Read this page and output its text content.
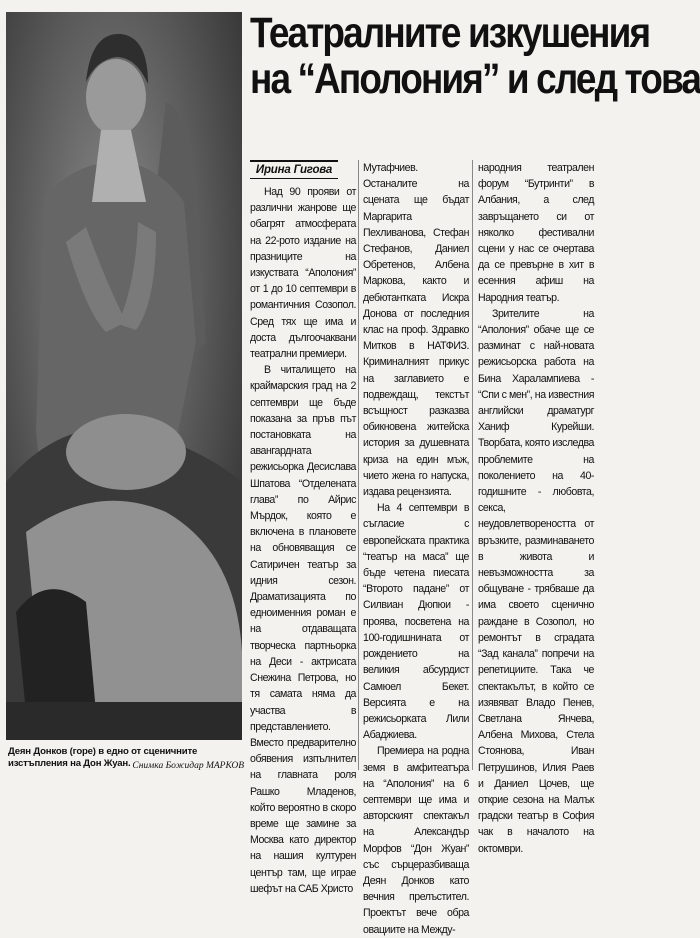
Деян Донков (горе) в едно от сценичните изстъпления на Дон Жуан. Снимка Божидар МАРКОВ
Театралните изкушения
на “Аполония” и след това
Ирина Гигова

Над 90 прояви от различни жанрове ще обагрят атмосферата на 22-рото издание на празниците на изкуствата “Аполония” от 1 до 10 септември в романтичния Созопол. Сред тях ще има и доста дългоочаквани театрални премиери.

В читалището на краймарския град на 2 септември ще бъде показана за пръв път постановката на авангардната режисьорка Десислава Шпатова “Отделената глава” по Айрис Мърдок, която е включена в плановете на обновяващия се Сатиричен театър за идния сезон. Драматизацията по едноименния роман е на отдаващата творческа партньорка на Деси - актрисата Снежина Петрова, но тя самата няма да участва в представлението. Вместо предварително обявения изпълнител на главната роля Рашко Младенов, който вероятно в скоро време ще замине за Москва като директор на нашия културен център там, ще играе шефът на САБ Христо

Мутафчиев. Останалите на сцената ще бъдат Маргарита Пехливанова, Стефан Стефанов, Даниел Обретенов, Албена Маркова, както и дебютантката Искра Донова от последния клас на проф. Здравко Митков в НАТФИЗ. Криминалният прикус на заглавието е подвеждащ, текстът всъщност разказва обикновена житейска история за душевната криза на един мъж, чието жена го напуска, издава рецензията.

На 4 септември в съгласие с европейската практика “театър на маса” ще бъде четена пиесата “Второто падане” от Силвиан Дюпюи - проява, посветена на 100-годишнината от рождението на великия абсурдист Самюел Бекет. Версията е на режисьорката Лили Абаджиева.

Премиера на родна земя в амфитеатъра на “Аполония” на 6 септември ще има и авторският спектакъл на Александър Морфов “Дон Жуан” със сърцеразбиваща Деян Донков като вечния прелъстител. Проектът вече обра овациите на Между-

народния театрален форум “Бутринти” в Албания, а след завръщането си от няколко фестивални сцени у нас се очертава да се превърне в хит в есенния афиш на Народния театър.

Зрителите на “Аполония” обаче ще се разминат с най-новата режисьорска работа на Бина Харалампиева - “Спи с мен”, на известния английски драматург Ханиф Курейши. Творбата, която изследва проблемите на поколението на 40-годишните - любовта, секса, неудовлетвореността от връзките, разминаването в живота и невъзможността за общуване - трябваше да има своето сценично раждане в Созопол, но ремонтът в сградата “Зад канала” попречи на репетициите. Така че спектакълът, в който се изявяват Владо Пенев, Светлана Янчева, Албена Михова, Стела Стоянова, Иван Петрушинов, Илия Раев и Даниел Цочев, ще открие сезона на Малък градски театър в София чак в началото на октомври.
